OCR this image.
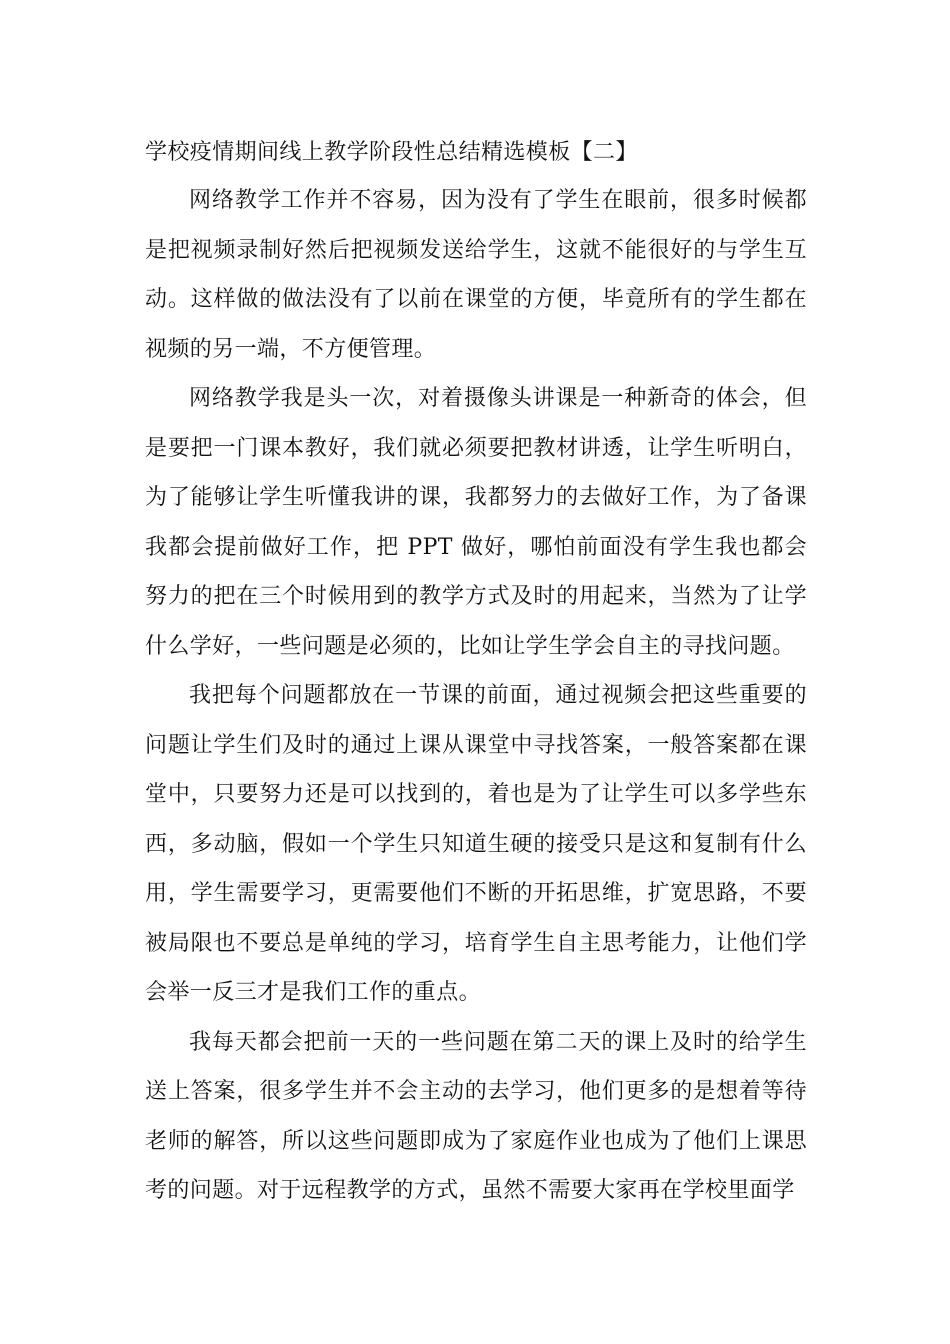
学校疫情期间线上教学阶段性总结精选模板【二】

网络教学工作并不容易，因为没有了学生在眼前，很多时候都是把视频录制好然后把视频发送给学生，这就不能很好的与学生互动。这样做的做法没有了以前在课堂的方便，毕竟所有的学生都在视频的另一端，不方便管理。

网络教学我是头一次，对着摄像头讲课是一种新奇的体会，但是要把一门课本教好，我们就必须要把教材讲透，让学生听明白，为了能够让学生听懂我讲的课，我都努力的去做好工作，为了备课我都会提前做好工作，把 PPT 做好，哪怕前面没有学生我也都会努力的把在三个时候用到的教学方式及时的用起来，当然为了让学什么学好，一些问题是必须的，比如让学生学会自主的寻找问题。

我把每个问题都放在一节课的前面，通过视频会把这些重要的问题让学生们及时的通过上课从课堂中寻找答案，一般答案都在课堂中，只要努力还是可以找到的，着也是为了让学生可以多学些东西，多动脑，假如一个学生只知道生硬的接受只是这和复制有什么用，学生需要学习，更需要他们不断的开拓思维，扩宽思路，不要被局限也不要总是单纯的学习，培育学生自主思考能力，让他们学会举一反三才是我们工作的重点。

我每天都会把前一天的一些问题在第二天的课上及时的给学生送上答案，很多学生并不会主动的去学习，他们更多的是想着等待老师的解答，所以这些问题即成为了家庭作业也成为了他们上课思考的问题。对于远程教学的方式，虽然不需要大家再在学校里面学
